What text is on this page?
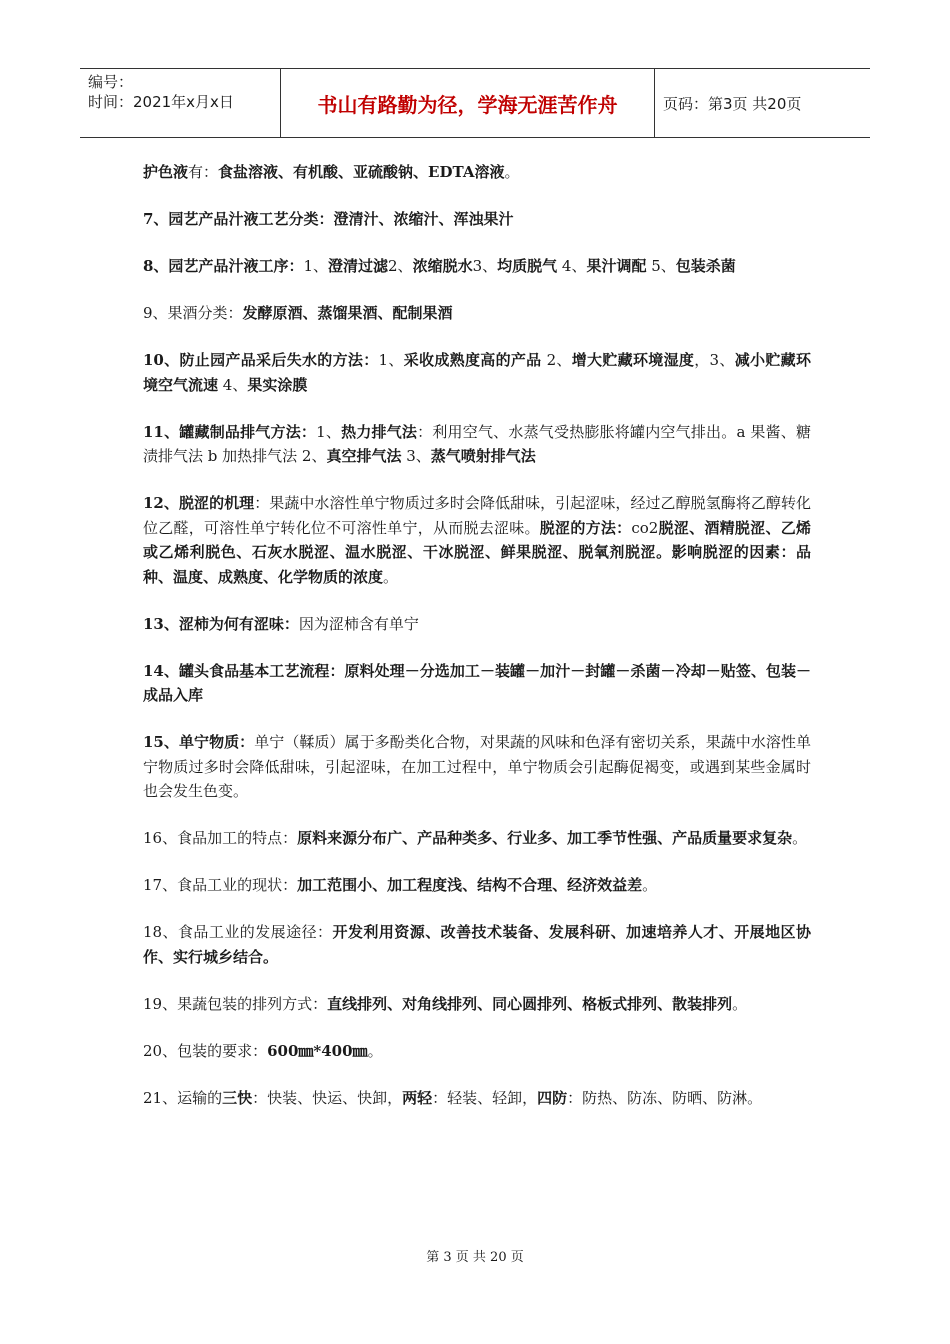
编号：
时间：2021年x月x日	书山有路勤为径，学海无涯苦作舟	页码：第3页 共20页

护色液有：食盐溶液、有机酸、亚硫酸钠、EDTA溶液。

7、园艺产品汁液工艺分类：澄清汁、浓缩汁、浑浊果汁

8、园艺产品汁液工序：1、澄清过滤2、浓缩脱水3、均质脱气 4、果汁调配 5、包装杀菌

9、果酒分类：发酵原酒、蒸馏果酒、配制果酒

10、防止园产品采后失水的方法：1、采收成熟度高的产品 2、增大贮藏环境湿度，3、减小贮藏环境空气流速 4、果实涂膜

11、罐藏制品排气方法：1、热力排气法：利用空气、水蒸气受热膨胀将罐内空气排出。a 果酱、糖渍排气法 b 加热排气法 2、真空排气法 3、蒸气喷射排气法

12、脱涩的机理：果蔬中水溶性单宁物质过多时会降低甜味，引起涩味，经过乙醇脱氢酶将乙醇转化位乙醛，可溶性单宁转化位不可溶性单宁，从而脱去涩味。脱涩的方法：co2脱涩、酒精脱涩、乙烯或乙烯利脱色、石灰水脱涩、温水脱涩、干冰脱涩、鲜果脱涩、脱氧剂脱涩。影响脱涩的因素：品种、温度、成熟度、化学物质的浓度。

13、涩柿为何有涩味：因为涩柿含有单宁

14、罐头食品基本工艺流程：原料处理－分选加工－装罐－加汁－封罐－杀菌－冷却－贴签、包装－成品入库

15、单宁物质：单宁（鞣质）属于多酚类化合物，对果蔬的风味和色泽有密切关系，果蔬中水溶性单宁物质过多时会降低甜味，引起涩味，在加工过程中，单宁物质会引起酶促褐变，或遇到某些金属时也会发生色变。

16、食品加工的特点：原料来源分布广、产品种类多、行业多、加工季节性强、产品质量要求复杂。

17、食品工业的现状：加工范围小、加工程度浅、结构不合理、经济效益差。

18、食品工业的发展途径：开发利用资源、改善技术装备、发展科研、加速培养人才、开展地区协作、实行城乡结合。

19、果蔬包装的排列方式：直线排列、对角线排列、同心圆排列、格板式排列、散装排列。

20、包装的要求：600㎜*400㎜。

21、运输的三快：快装、快运、快卸，两轻：轻装、轻卸，四防：防热、防冻、防晒、防淋。

第 3 页 共 20 页
